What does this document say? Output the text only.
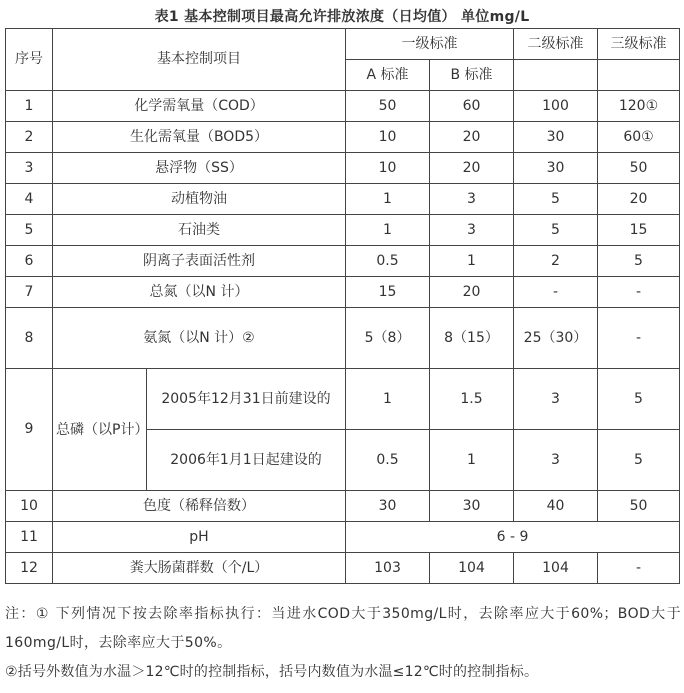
表1 基本控制项目最高允许排放浓度（日均值） 单位mg/L
序号	基本控制项目		一级标准		二级标准	三级标准
			A 标准	B 标准		
1	化学需氧量（COD）		50	60	100	120①
2	生化需氧量（BOD5）		10	20	30	60①
3	悬浮物（SS）		10	20	30	50
4	动植物油		1	3	5	20
5	石油类		1	3	5	15
6	阴离子表面活性剂		0.5	1	2	5
7	总氮（以N 计）		15	20	-	-
8	氨氮（以N 计）②		5（8）	8（15）	25（30）	-
9	总磷（以P计）	2005年12月31日前建设的	1	1.5	3	5
		2006年1月1日起建设的	0.5	1	3	5
10	色度（稀释倍数）		30	30	40	50
11	pH		6 - 9			
12	粪大肠菌群数（个/L）		103	104	104	-

注：① 下列情况下按去除率指标执行：当进水COD大于350mg/L时，去除率应大于60%；BOD大于160mg/L时，去除率应大于50%。

②括号外数值为水温＞12℃时的控制指标，括号内数值为水温≤12℃时的控制指标。
